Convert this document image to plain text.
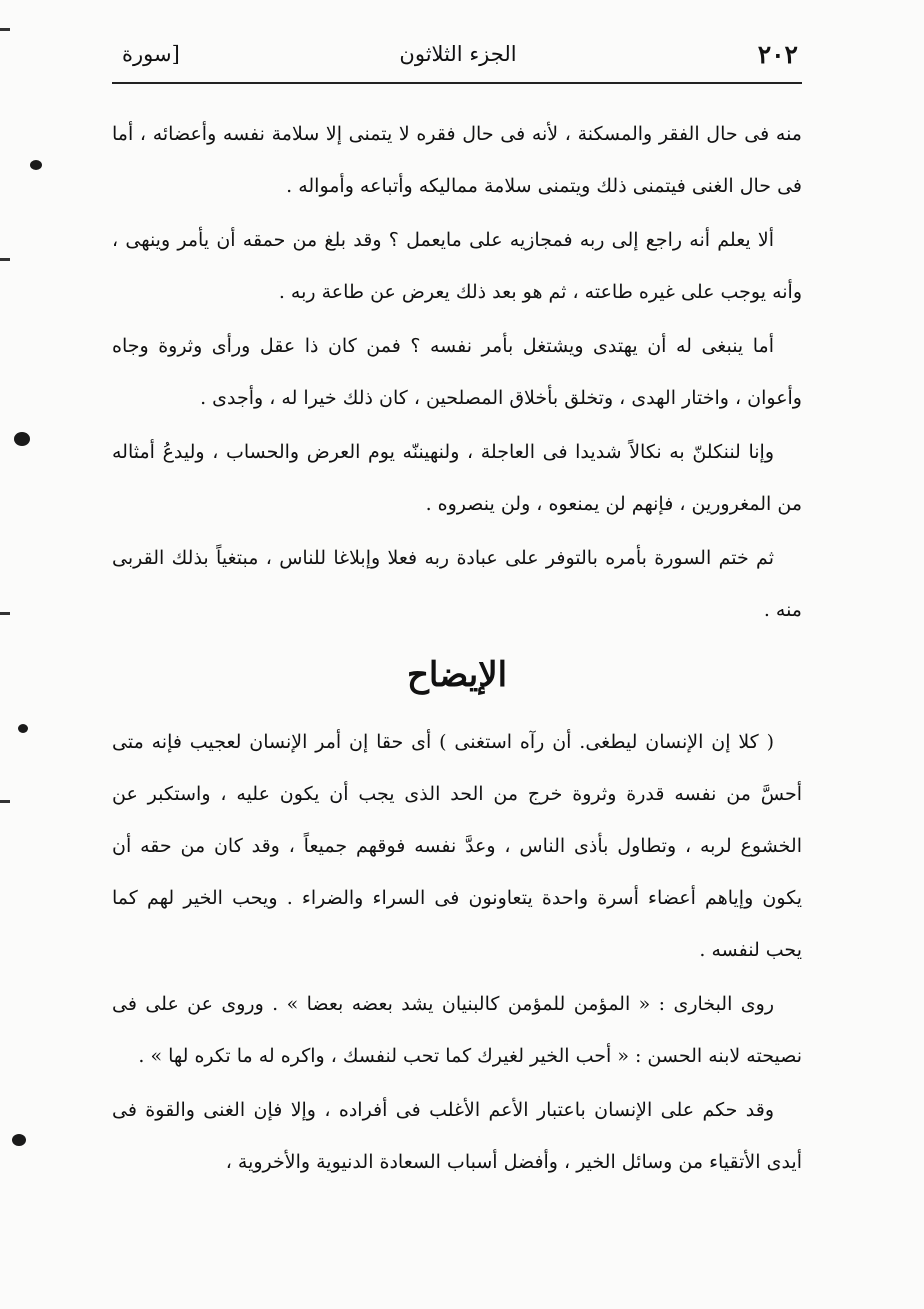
٢٠٢
الجزء الثلاثون
[سورة

منه فى حال الفقر والمسكنة ، لأنه فى حال فقره لا يتمنى إلا سلامة نفسه وأعضائه ، أما فى حال الغنى فيتمنى ذلك ويتمنى سلامة مماليكه وأتباعه وأمواله .

ألا يعلم أنه راجع إلى ربه فمجازيه على مايعمل ؟ وقد بلغ من حمقه أن يأمر وينهى ، وأنه يوجب على غيره طاعته ، ثم هو بعد ذلك يعرض عن طاعة ربه .

أما ينبغى له أن يهتدى ويشتغل بأمر نفسه ؟ فمن كان ذا عقل ورأى وثروة وجاه وأعوان ، واختار الهدى ، وتخلق بأخلاق المصلحين ، كان ذلك خيرا له ، وأجدى .

وإنا لننكلنّ به نكالاً شديدا فى العاجلة ، ولنهيننّه يوم العرض والحساب ، وليدعُ أمثاله من المغرورين ، فإنهم لن يمنعوه ، ولن ينصروه .

ثم ختم السورة بأمره بالتوفر على عبادة ربه فعلا وإبلاغا للناس ، مبتغياً بذلك القربى منه .

الإيضاح

( كلا إن الإنسان ليطغى. أن رآه استغنى ) أى حقا إن أمر الإنسان لعجيب فإنه متى أحسَّ من نفسه قدرة وثروة خرج من الحد الذى يجب أن يكون عليه ، واستكبر عن الخشوع لربه ، وتطاول بأذى الناس ، وعدَّ نفسه فوقهم جميعاً ، وقد كان من حقه أن يكون وإياهم أعضاء أسرة واحدة يتعاونون فى السراء والضراء . ويحب الخير لهم كما يحب لنفسه .

روى البخارى : « المؤمن للمؤمن كالبنيان يشد بعضه بعضا » . وروى عن على فى نصيحته لابنه الحسن : « أحب الخير لغيرك كما تحب لنفسك ، واكره له ما تكره لها » .

وقد حكم على الإنسان باعتبار الأعم الأغلب فى أفراده ، وإلا فإن الغنى والقوة فى أيدى الأتقياء من وسائل الخير ، وأفضل أسباب السعادة الدنيوية والأخروية ،
